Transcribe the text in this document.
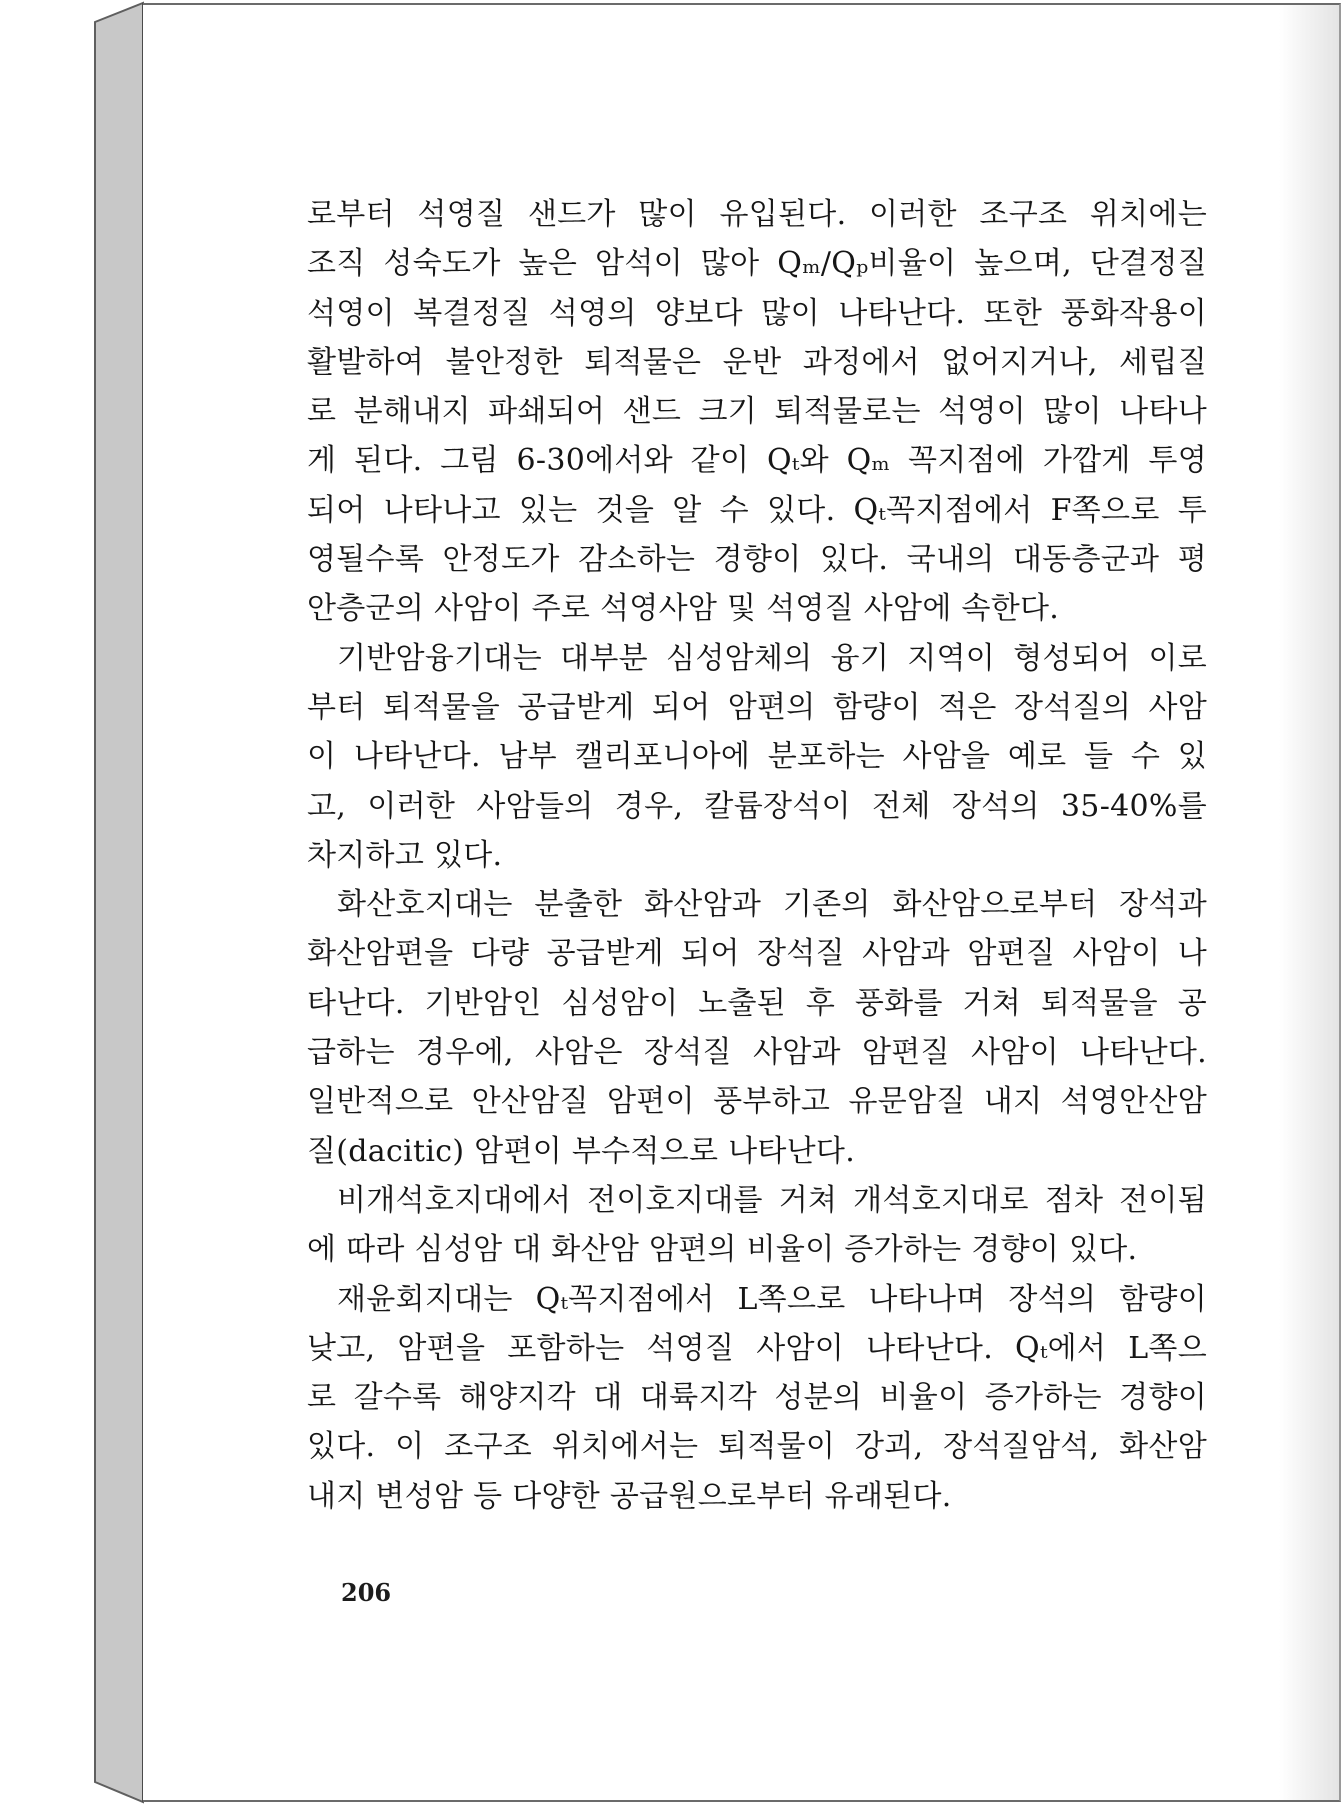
로부터 석영질 샌드가 많이 유입된다. 이러한 조구조 위치에는
조직 성숙도가 높은 암석이 많아 Qₘ/Qₚ비율이 높으며, 단결정질
석영이 복결정질 석영의 양보다 많이 나타난다. 또한 풍화작용이
활발하여 불안정한 퇴적물은 운반 과정에서 없어지거나, 세립질
로 분해내지 파쇄되어 샌드 크기 퇴적물로는 석영이 많이 나타나
게 된다. 그림 6-30에서와 같이 Qₜ와 Qₘ 꼭지점에 가깝게 투영
되어 나타나고 있는 것을 알 수 있다. Qₜ꼭지점에서 F쪽으로 투
영될수록 안정도가 감소하는 경향이 있다. 국내의 대동층군과 평
안층군의 사암이 주로 석영사암 및 석영질 사암에 속한다.
기반암융기대는 대부분 심성암체의 융기 지역이 형성되어 이로
부터 퇴적물을 공급받게 되어 암편의 함량이 적은 장석질의 사암
이 나타난다. 남부 캘리포니아에 분포하는 사암을 예로 들 수 있
고, 이러한 사암들의 경우, 칼륨장석이 전체 장석의 35-40%를
차지하고 있다.
화산호지대는 분출한 화산암과 기존의 화산암으로부터 장석과
화산암편을 다량 공급받게 되어 장석질 사암과 암편질 사암이 나
타난다. 기반암인 심성암이 노출된 후 풍화를 거쳐 퇴적물을 공
급하는 경우에, 사암은 장석질 사암과 암편질 사암이 나타난다.
일반적으로 안산암질 암편이 풍부하고 유문암질 내지 석영안산암
질(dacitic) 암편이 부수적으로 나타난다.
비개석호지대에서 전이호지대를 거쳐 개석호지대로 점차 전이됨
에 따라 심성암 대 화산암 암편의 비율이 증가하는 경향이 있다.
재윤회지대는 Qₜ꼭지점에서 L쪽으로 나타나며 장석의 함량이
낮고, 암편을 포함하는 석영질 사암이 나타난다. Qₜ에서 L쪽으
로 갈수록 해양지각 대 대륙지각 성분의 비율이 증가하는 경향이
있다. 이 조구조 위치에서는 퇴적물이 강괴, 장석질암석, 화산암
내지 변성암 등 다양한 공급원으로부터 유래된다.
206
